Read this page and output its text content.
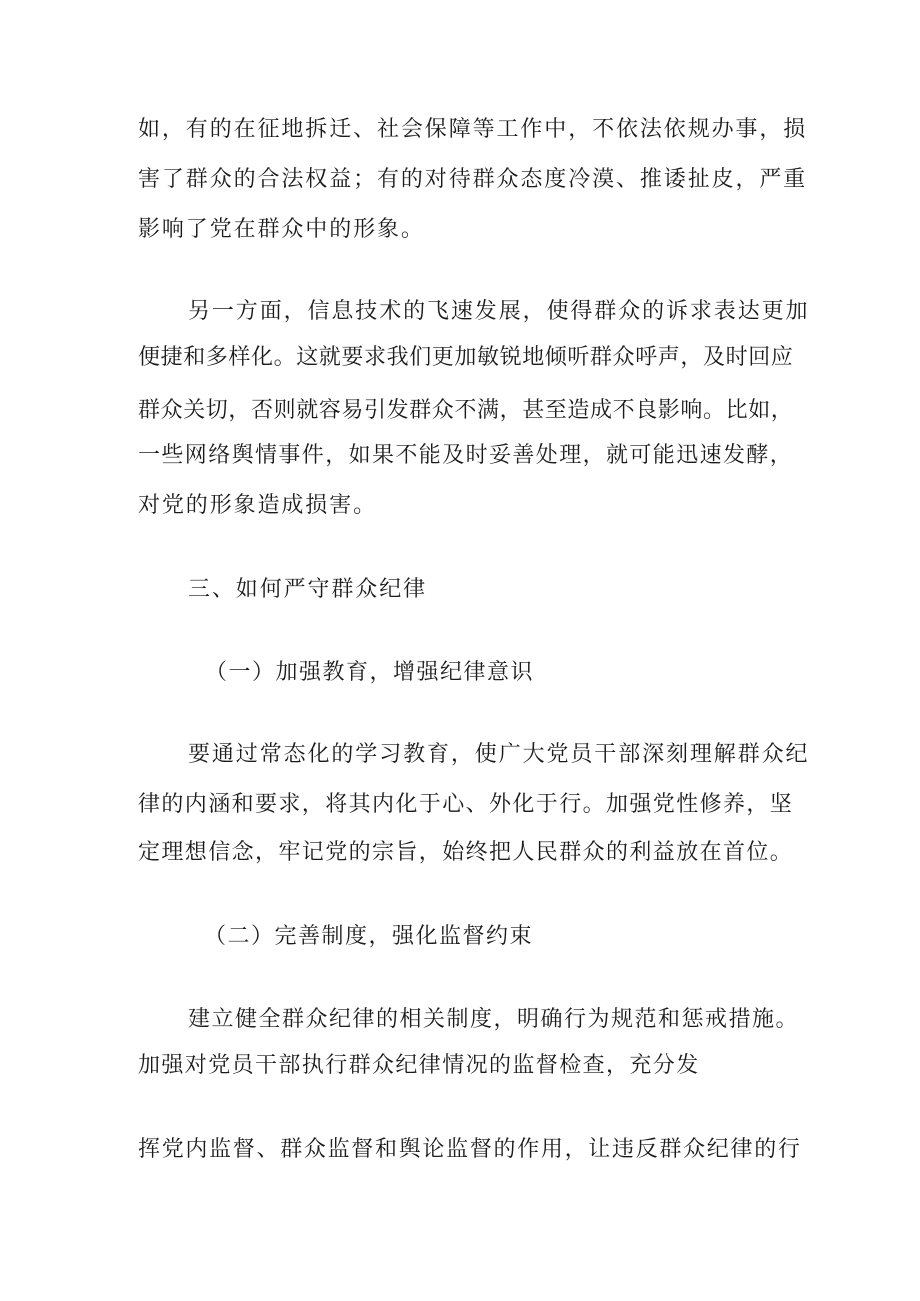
如，有的在征地拆迁、社会保障等工作中，不依法依规办事，损
害了群众的合法权益；有的对待群众态度冷漠、推诿扯皮，严重
影响了党在群众中的形象。
另一方面，信息技术的飞速发展，使得群众的诉求表达更加
便捷和多样化。这就要求我们更加敏锐地倾听群众呼声，及时回应
群众关切，否则就容易引发群众不满，甚至造成不良影响。比如，
一些网络舆情事件，如果不能及时妥善处理，就可能迅速发酵，
对党的形象造成损害。
三、如何严守群众纪律
（一）加强教育，增强纪律意识
要通过常态化的学习教育，使广大党员干部深刻理解群众纪
律的内涵和要求，将其内化于心、外化于行。加强党性修养，坚
定理想信念，牢记党的宗旨，始终把人民群众的利益放在首位。
（二）完善制度，强化监督约束
建立健全群众纪律的相关制度，明确行为规范和惩戒措施。
加强对党员干部执行群众纪律情况的监督检查，充分发
挥党内监督、群众监督和舆论监督的作用，让违反群众纪律的行
